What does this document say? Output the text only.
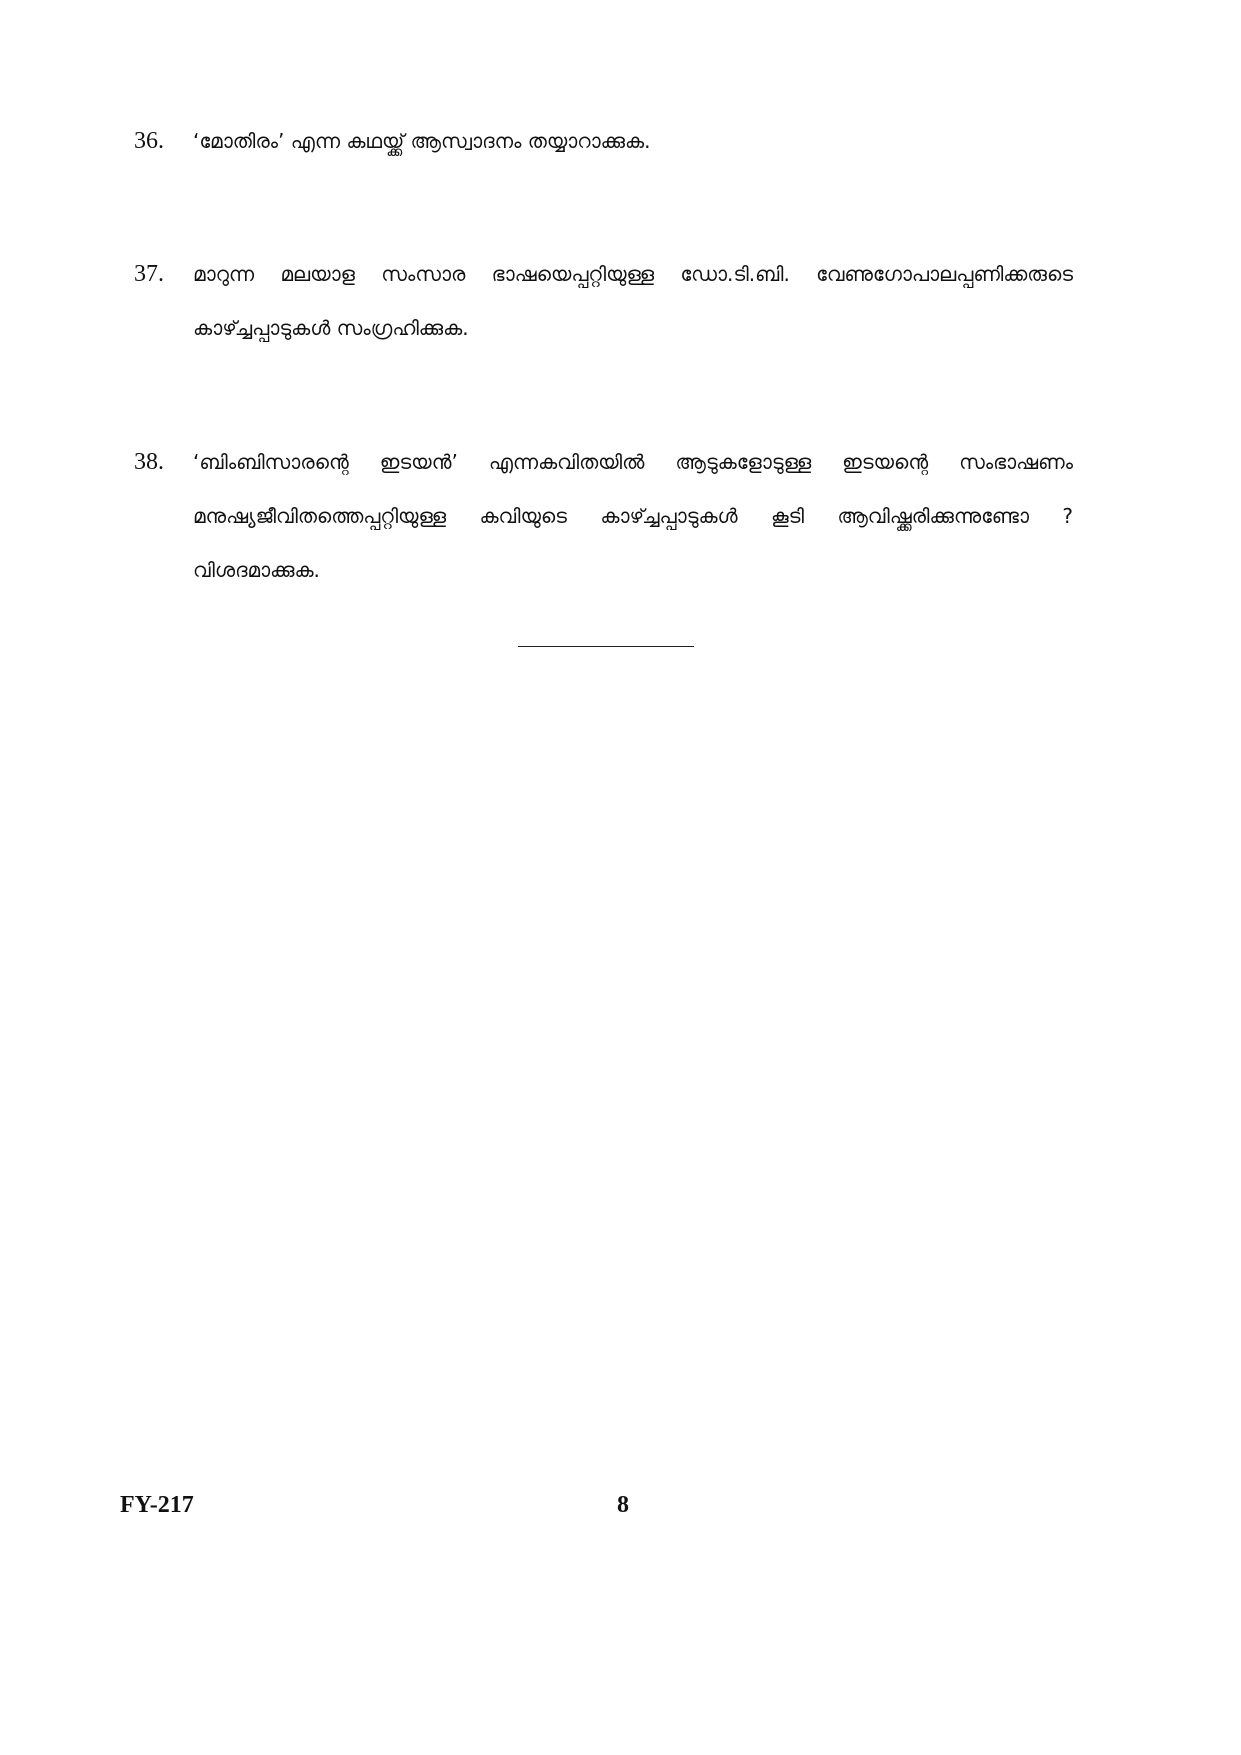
36. ‘മോതിരം’ എന്ന കഥയ്ക്ക് ആസ്വാദനം തയ്യാറാക്കുക.
37. മാറുന്ന മലയാള സംസാര ഭാഷയെപ്പറ്റിയുള്ള ഡോ.ടി.ബി. വേണുഗോപാലപ്പണിക്കരുടെ
കാഴ്ച്ചപ്പാടുകൾ സംഗ്രഹിക്കുക.
38. ‘ബിംബിസാരന്റെ ഇടയൻ’ എന്നകവിതയിൽ ആടുകളോടുള്ള ഇടയന്റെ സംഭാഷണം
മനുഷ്യജീവിതത്തെപ്പറ്റിയുള്ള കവിയുടെ കാഴ്ച്ചപ്പാടുകൾ കൂടി ആവിഷ്ക്കരിക്കുന്നുണ്ടോ ?
വിശദമാക്കുക.
FY-217	8
